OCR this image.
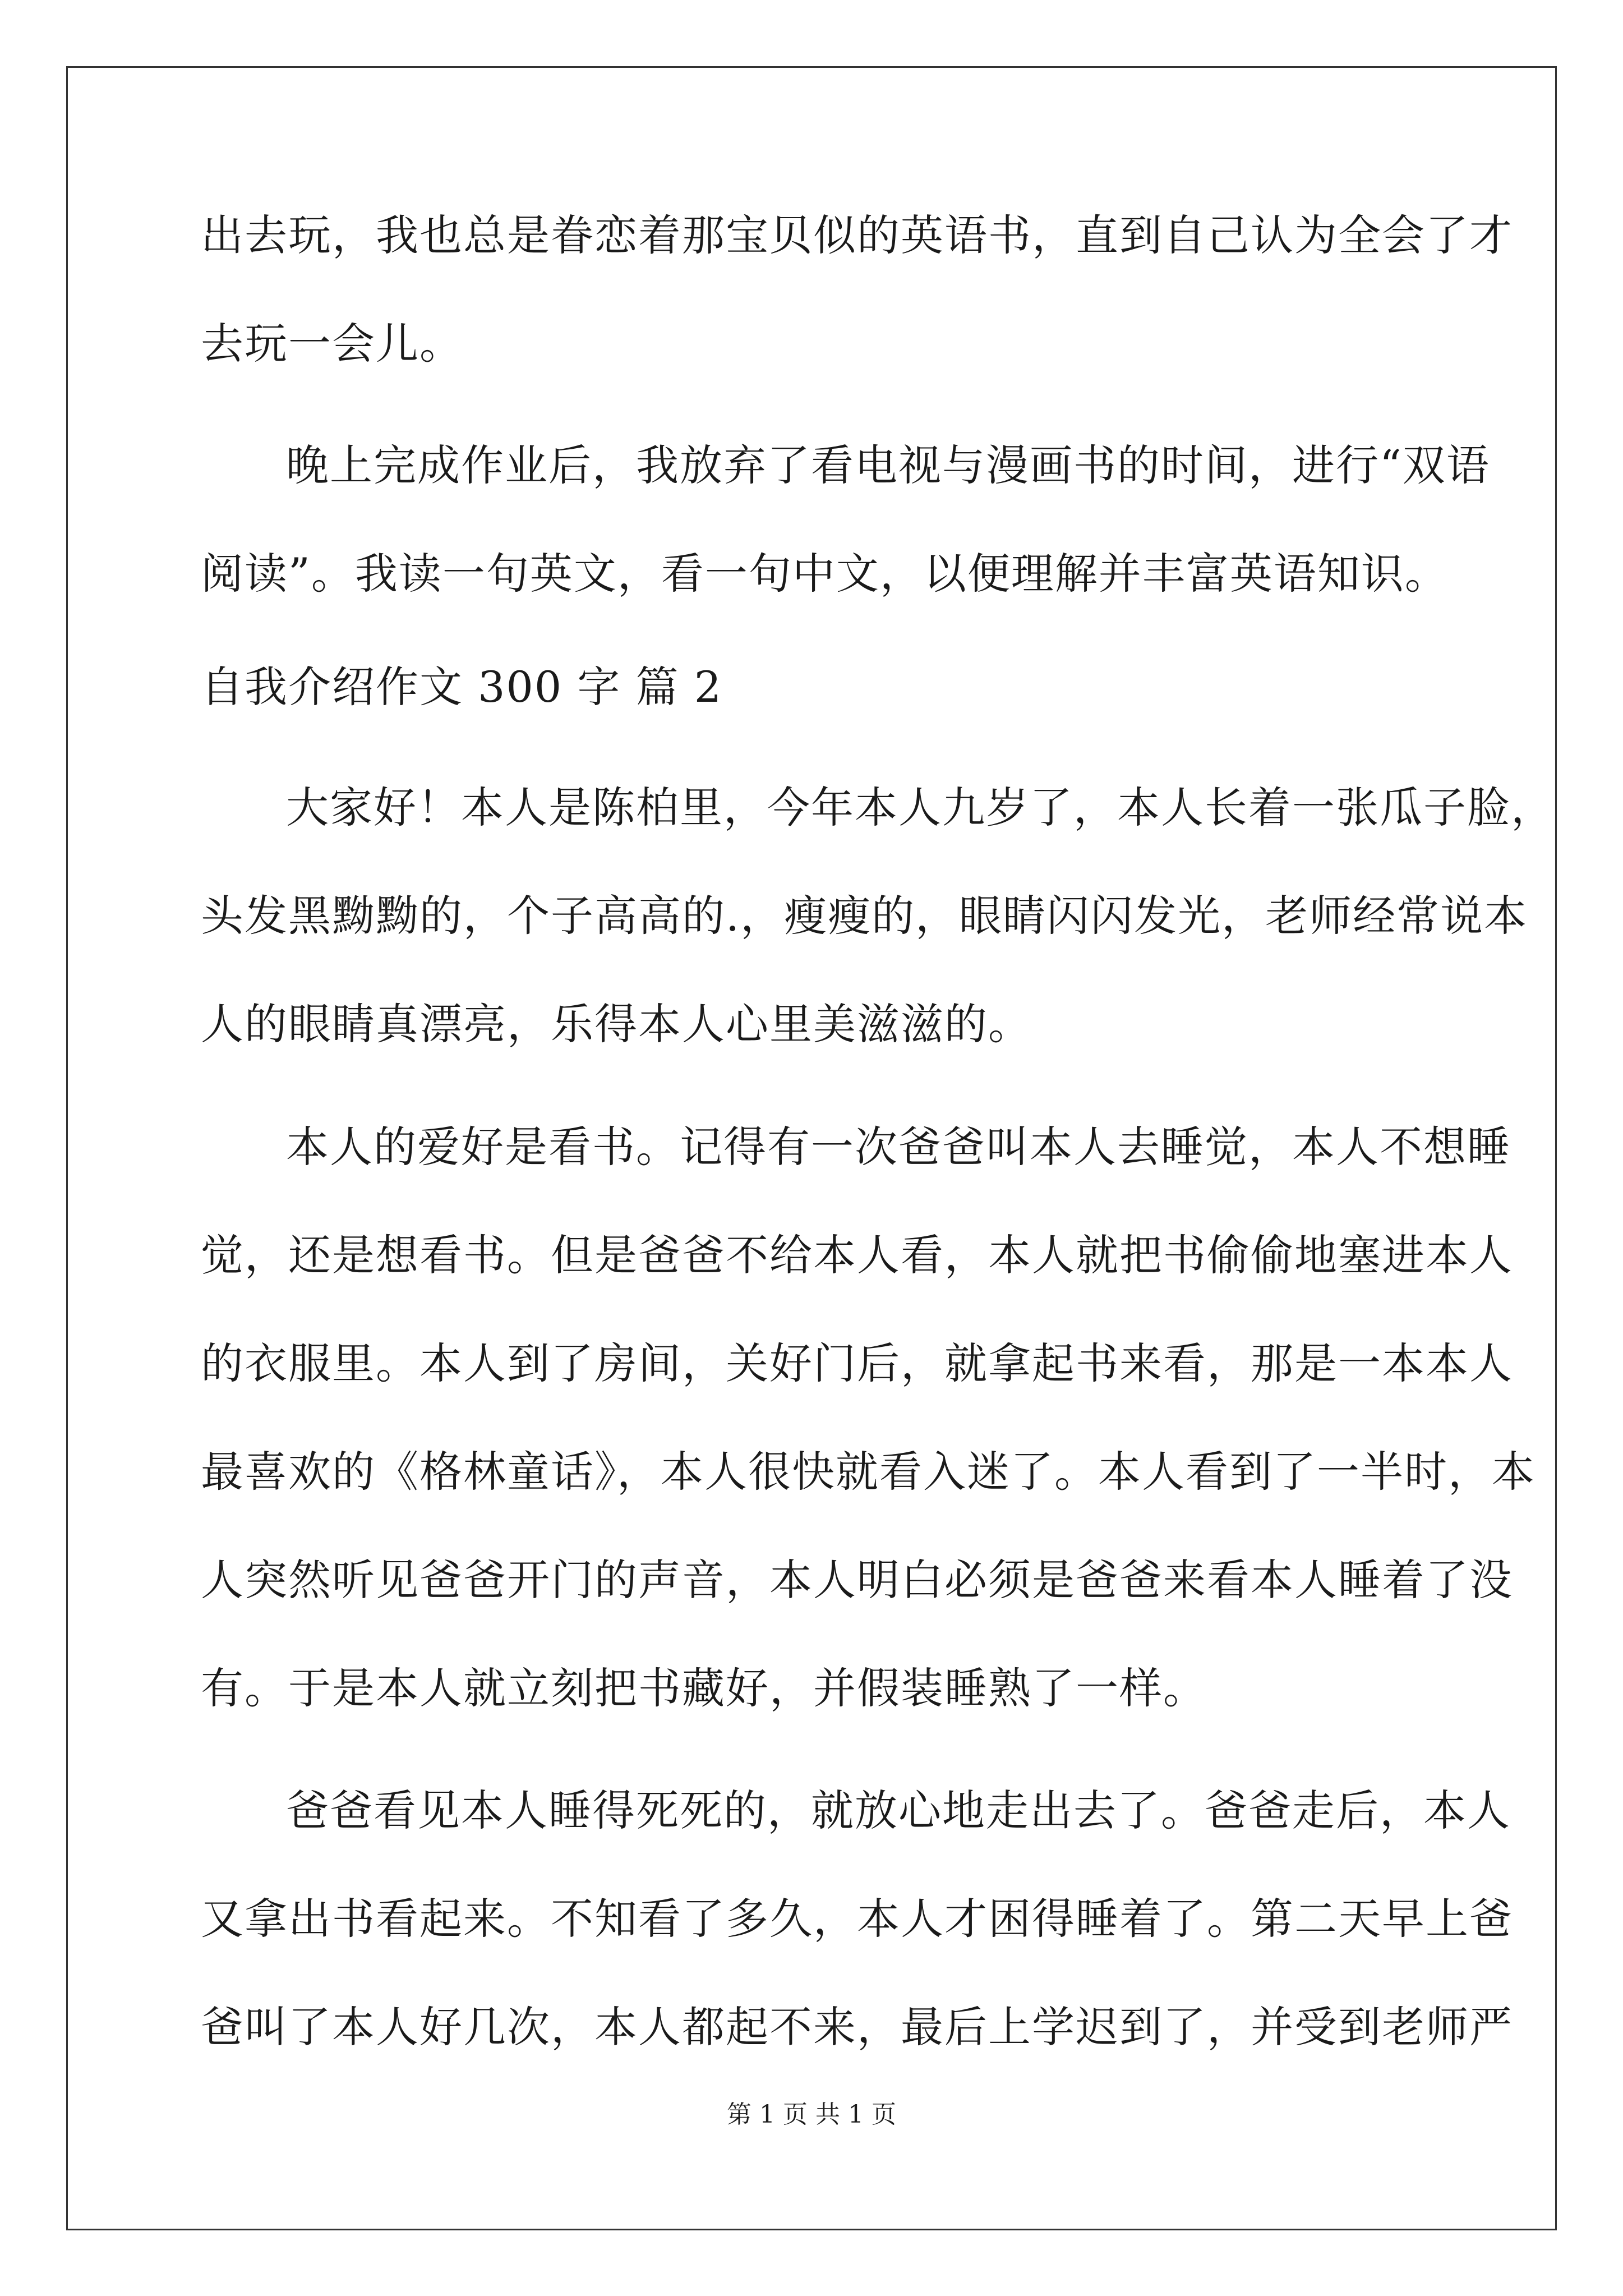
出去玩，我也总是眷恋着那宝贝似的英语书，直到自己认为全会了才
去玩一会儿。
晚上完成作业后，我放弃了看电视与漫画书的时间，进行“双语
阅读”。我读一句英文，看一句中文，以便理解并丰富英语知识。
自我介绍作文 300 字 篇 2
大家好！本人是陈柏里，今年本人九岁了，本人长着一张瓜子脸，
头发黑黝黝的，个子高高的.，瘦瘦的，眼睛闪闪发光，老师经常说本
人的眼睛真漂亮，乐得本人心里美滋滋的。
本人的爱好是看书。记得有一次爸爸叫本人去睡觉，本人不想睡
觉，还是想看书。但是爸爸不给本人看，本人就把书偷偷地塞进本人
的衣服里。本人到了房间，关好门后，就拿起书来看，那是一本本人
最喜欢的《格林童话》，本人很快就看入迷了。本人看到了一半时，本
人突然听见爸爸开门的声音，本人明白必须是爸爸来看本人睡着了没
有。于是本人就立刻把书藏好，并假装睡熟了一样。
爸爸看见本人睡得死死的，就放心地走出去了。爸爸走后，本人
又拿出书看起来。不知看了多久，本人才困得睡着了。第二天早上爸
爸叫了本人好几次，本人都起不来，最后上学迟到了，并受到老师严
第 1 页 共 1 页
